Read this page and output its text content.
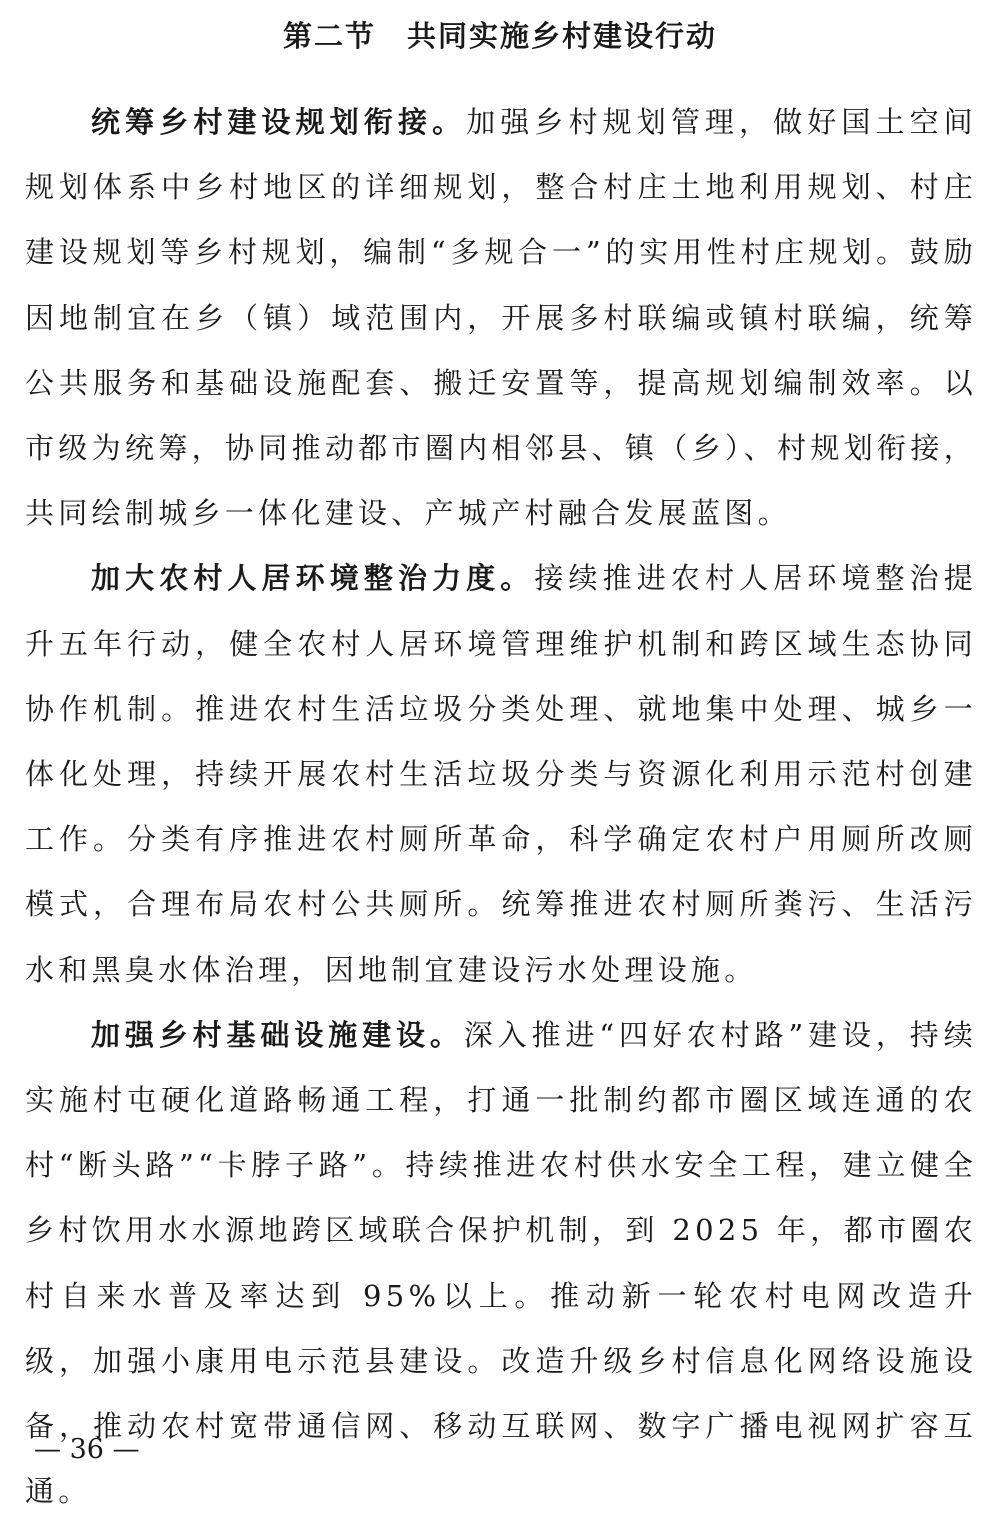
第二节　共同实施乡村建设行动

统筹乡村建设规划衔接。加强乡村规划管理，做好国土空间规划体系中乡村地区的详细规划，整合村庄土地利用规划、村庄建设规划等乡村规划，编制“多规合一”的实用性村庄规划。鼓励因地制宜在乡（镇）域范围内，开展多村联编或镇村联编，统筹公共服务和基础设施配套、搬迁安置等，提高规划编制效率。以市级为统筹，协同推动都市圈内相邻县、镇（乡）、村规划衔接，共同绘制城乡一体化建设、产城产村融合发展蓝图。

加大农村人居环境整治力度。接续推进农村人居环境整治提升五年行动，健全农村人居环境管理维护机制和跨区域生态协同协作机制。推进农村生活垃圾分类处理、就地集中处理、城乡一体化处理，持续开展农村生活垃圾分类与资源化利用示范村创建工作。分类有序推进农村厕所革命，科学确定农村户用厕所改厕模式，合理布局农村公共厕所。统筹推进农村厕所粪污、生活污水和黑臭水体治理，因地制宜建设污水处理设施。

加强乡村基础设施建设。深入推进“四好农村路”建设，持续实施村屯硬化道路畅通工程，打通一批制约都市圈区域连通的农村“断头路”“卡脖子路”。持续推进农村供水安全工程，建立健全乡村饮用水水源地跨区域联合保护机制，到 2025 年，都市圈农村自来水普及率达到 95%以上。推动新一轮农村电网改造升级，加强小康用电示范县建设。改造升级乡村信息化网络设施设备，推动农村宽带通信网、移动互联网、数字广播电视网扩容互通。

— 36 —
